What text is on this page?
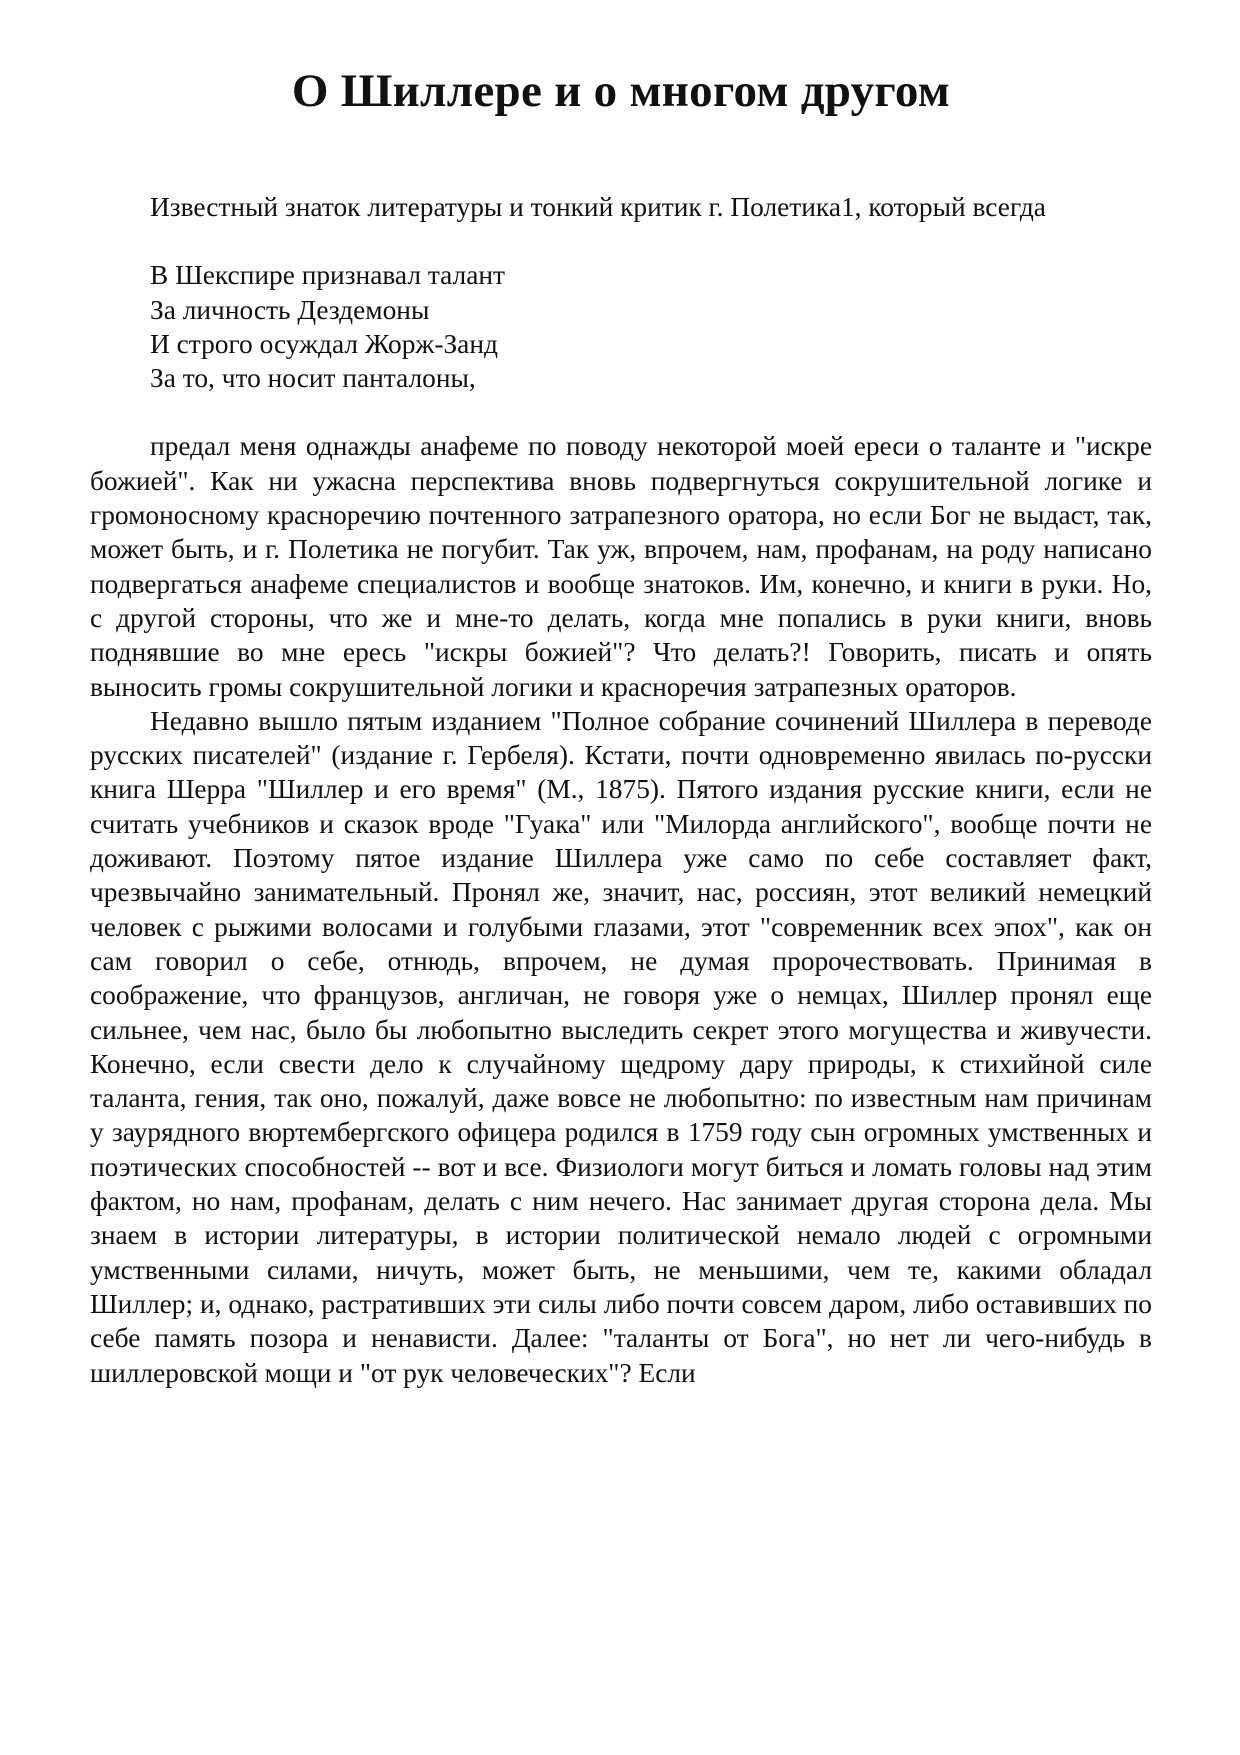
О Шиллере и о многом другом

Известный знаток литературы и тонкий критик г. Полетика1, который всегда

В Шекспире признавал талант
За личность Дездемоны
И строго осуждал Жорж-Занд
За то, что носит панталоны,

предал меня однажды анафеме по поводу некоторой моей ереси о таланте и "искре божией". Как ни ужасна перспектива вновь подвергнуться сокрушительной логике и громоносному красноречию почтенного затрапезного оратора, но если Бог не выдаст, так, может быть, и г. Полетика не погубит. Так уж, впрочем, нам, профанам, на роду написано подвергаться анафеме специалистов и вообще знатоков. Им, конечно, и книги в руки. Но, с другой стороны, что же и мне-то делать, когда мне попались в руки книги, вновь поднявшие во мне ересь "искры божией"? Что делать?! Говорить, писать и опять выносить громы сокрушительной логики и красноречия затрапезных ораторов.

Недавно вышло пятым изданием "Полное собрание сочинений Шиллера в переводе русских писателей" (издание г. Гербеля). Кстати, почти одновременно явилась по-русски книга Шерра "Шиллер и его время" (М., 1875). Пятого издания русские книги, если не считать учебников и сказок вроде "Гуака" или "Милорда английского", вообще почти не доживают. Поэтому пятое издание Шиллера уже само по себе составляет факт, чрезвычайно занимательный. Пронял же, значит, нас, россиян, этот великий немецкий человек с рыжими волосами и голубыми глазами, этот "современник всех эпох", как он сам говорил о себе, отнюдь, впрочем, не думая пророчествовать. Принимая в соображение, что французов, англичан, не говоря уже о немцах, Шиллер пронял еще сильнее, чем нас, было бы любопытно выследить секрет этого могущества и живучести. Конечно, если свести дело к случайному щедрому дару природы, к стихийной силе таланта, гения, так оно, пожалуй, даже вовсе не любопытно: по известным нам причинам у заурядного вюртембергского офицера родился в 1759 году сын огромных умственных и поэтических способностей -- вот и все. Физиологи могут биться и ломать головы над этим фактом, но нам, профанам, делать с ним нечего. Нас занимает другая сторона дела. Мы знаем в истории литературы, в истории политической немало людей с огромными умственными силами, ничуть, может быть, не меньшими, чем те, какими обладал Шиллер; и, однако, растративших эти силы либо почти совсем даром, либо оставивших по себе память позора и ненависти. Далее: "таланты от Бога", но нет ли чего-нибудь в шиллеровской мощи и "от рук человеческих"? Если
